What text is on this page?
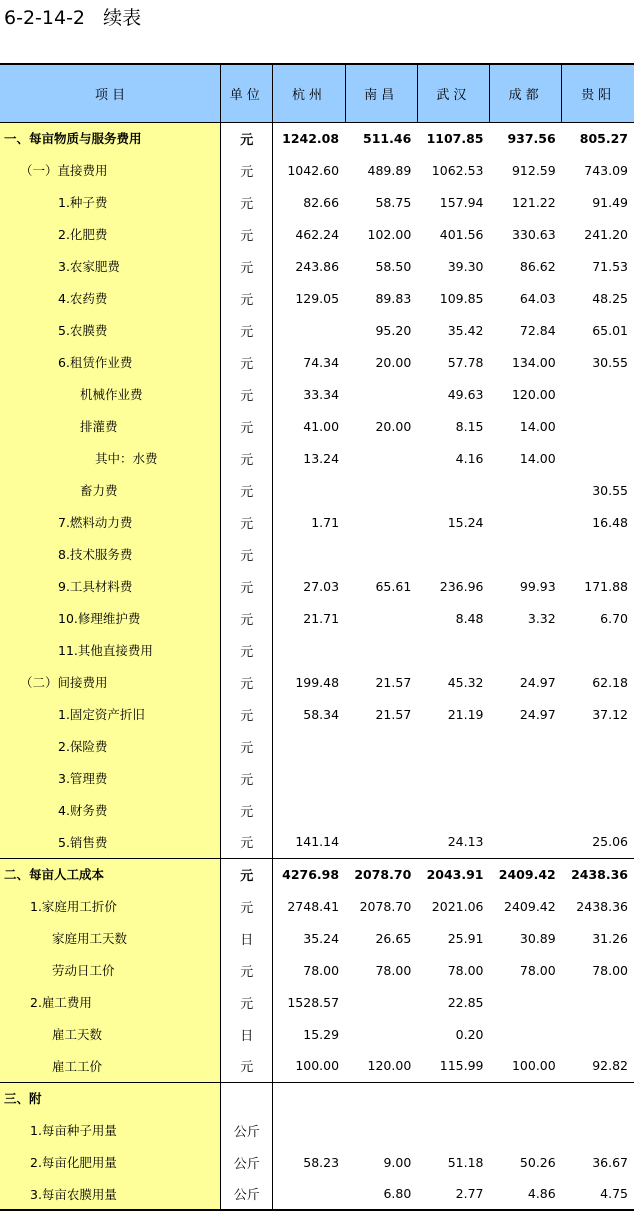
6-2-14-2   续表
项 目	单位	杭州	南昌	武汉	成都	贵阳
一、每亩物质与服务费用	元	1242.08	511.46	1107.85	937.56	805.27
（一）直接费用	元	1042.60	489.89	1062.53	912.59	743.09
1.种子费	元	82.66	58.75	157.94	121.22	91.49
2.化肥费	元	462.24	102.00	401.56	330.63	241.20
3.农家肥费	元	243.86	58.50	39.30	86.62	71.53
4.农药费	元	129.05	89.83	109.85	64.03	48.25
5.农膜费	元		95.20	35.42	72.84	65.01
6.租赁作业费	元	74.34	20.00	57.78	134.00	30.55
机械作业费	元	33.34		49.63	120.00	
排灌费	元	41.00	20.00	8.15	14.00	
其中：水费	元	13.24		4.16	14.00	
畜力费	元					30.55
7.燃料动力费	元	1.71		15.24		16.48
8.技术服务费	元					
9.工具材料费	元	27.03	65.61	236.96	99.93	171.88
10.修理维护费	元	21.71		8.48	3.32	6.70
11.其他直接费用	元					
（二）间接费用	元	199.48	21.57	45.32	24.97	62.18
1.固定资产折旧	元	58.34	21.57	21.19	24.97	37.12
2.保险费	元					
3.管理费	元					
4.财务费	元					
5.销售费	元	141.14		24.13		25.06
二、每亩人工成本	元	4276.98	2078.70	2043.91	2409.42	2438.36
1.家庭用工折价	元	2748.41	2078.70	2021.06	2409.42	2438.36
家庭用工天数	日	35.24	26.65	25.91	30.89	31.26
劳动日工价	元	78.00	78.00	78.00	78.00	78.00
2.雇工费用	元	1528.57		22.85		
雇工天数	日	15.29		0.20		
雇工工价	元	100.00	120.00	115.99	100.00	92.82
三、附						
1.每亩种子用量	公斤					
2.每亩化肥用量	公斤	58.23	9.00	51.18	50.26	36.67
3.每亩农膜用量	公斤		6.80	2.77	4.86	4.75
